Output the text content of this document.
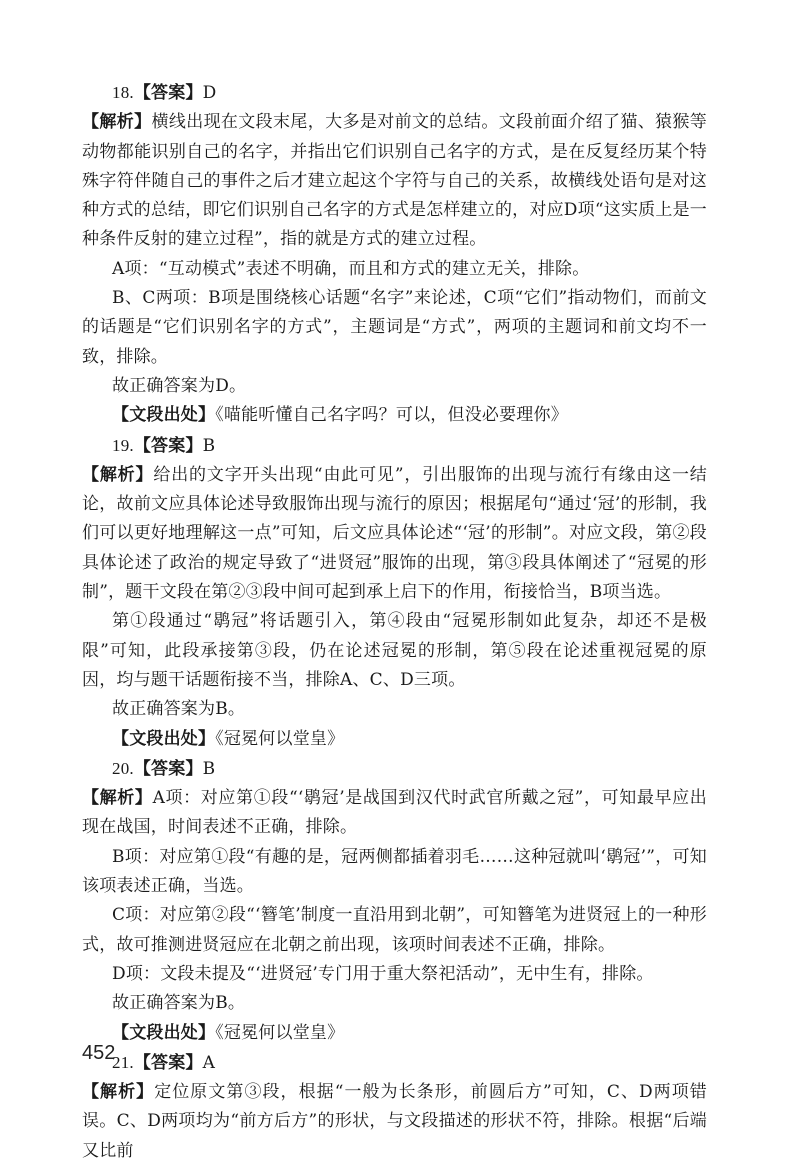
18.【答案】D

【解析】横线出现在文段末尾，大多是对前文的总结。文段前面介绍了猫、猿猴等动物都能识别自己的名字，并指出它们识别自己名字的方式，是在反复经历某个特殊字符伴随自己的事件之后才建立起这个字符与自己的关系，故横线处语句是对这种方式的总结，即它们识别自己名字的方式是怎样建立的，对应D项“这实质上是一种条件反射的建立过程”，指的就是方式的建立过程。

A项：“互动模式”表述不明确，而且和方式的建立无关，排除。

B、C两项：B项是围绕核心话题“名字”来论述，C项“它们”指动物们，而前文的话题是“它们识别名字的方式”，主题词是“方式”，两项的主题词和前文均不一致，排除。

故正确答案为D。

【文段出处】《喵能听懂自己名字吗？可以，但没必要理你》

19.【答案】B

【解析】给出的文字开头出现“由此可见”，引出服饰的出现与流行有缘由这一结论，故前文应具体论述导致服饰出现与流行的原因；根据尾句“通过‘冠’的形制，我们可以更好地理解这一点”可知，后文应具体论述“‘冠’的形制”。对应文段，第②段具体论述了政治的规定导致了“进贤冠”服饰的出现，第③段具体阐述了“冠冕的形制”，题干文段在第②③段中间可起到承上启下的作用，衔接恰当，B项当选。

第①段通过“鹖冠”将话题引入，第④段由“冠冕形制如此复杂，却还不是极限”可知，此段承接第③段，仍在论述冠冕的形制，第⑤段在论述重视冠冕的原因，均与题干话题衔接不当，排除A、C、D三项。

故正确答案为B。

【文段出处】《冠冕何以堂皇》

20.【答案】B

【解析】A项：对应第①段“‘鹖冠’是战国到汉代时武官所戴之冠”，可知最早应出现在战国，时间表述不正确，排除。

B项：对应第①段“有趣的是，冠两侧都插着羽毛……这种冠就叫‘鹖冠’”，可知该项表述正确，当选。

C项：对应第②段“‘簪笔’制度一直沿用到北朝”，可知簪笔为进贤冠上的一种形式，故可推测进贤冠应在北朝之前出现，该项时间表述不正确，排除。

D项：文段未提及“‘进贤冠’专门用于重大祭祀活动”，无中生有，排除。

故正确答案为B。

【文段出处】《冠冕何以堂皇》

21.【答案】A

【解析】定位原文第③段，根据“一般为长条形，前圆后方”可知，C、D两项错误。C、D两项均为“前方后方”的形状，与文段描述的形状不符，排除。根据“后端又比前

452
